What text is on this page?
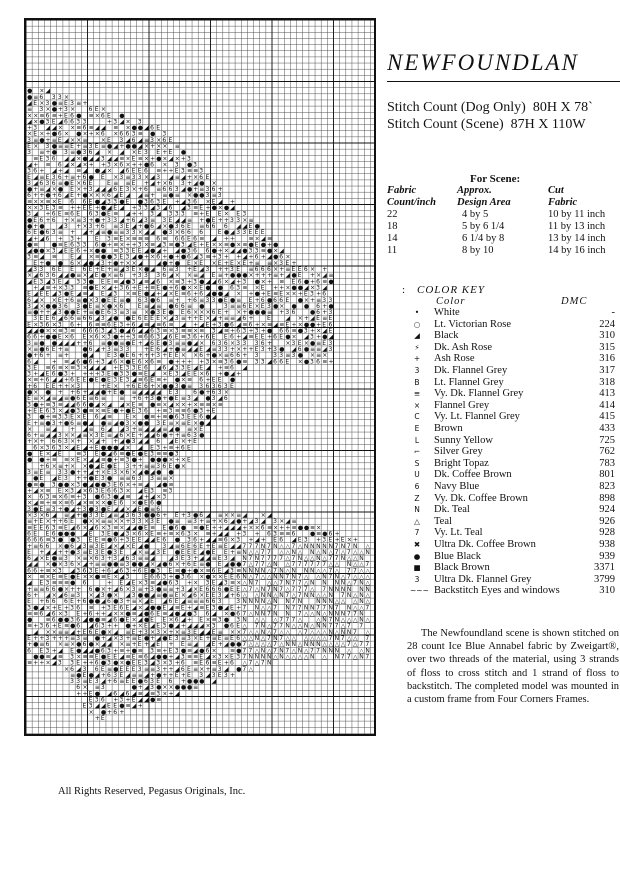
● × ◢
● ≡ 6 3 3 ×
◢ E × 3 ● ≡ E 3 ≡ +
≡ 3 × ● + 3 × 6 E ×
× × ≡ 6 ≡ + E 6 ● ≡ × 6 E ●
◢ × ● 3 E ◢ 6 6 3 3	+ 3 ◢ × 3
+ 3 ◢ ◢ × × ≡ 6 ≡ ◢ ◢ ≡ × ● ● ◢ 6 E
× E × + ● 6 × ● × + × 6 × 6 6 3 ≡ ● 3
3 ≡ ● + ≡ E ◢ × × ≡ × E 3 ◢ 6 ◢ ≡ 3 × 6 E
E × 3 ● ≡ ≡ E + ≡ 3 E ≡ ● ◢ + ● ● ◢ × + × × ≡
3 ≡ + ● 3 ≡ ● 3 6 ◢ × ◢ × E 3 E + E ●
≡ E 3 6 ◢ ◢ × ● ◢ ◢ 3 ◢ ◢ ≡ × E ≡ × + ● × ◢ × + 3
◢ + ≡ 6 ◢ × ◢ × + + 3 × 6 × + + ● 6 × 3 ● 3
3 6 + ◢ + ◢ ≡ ◢ ● ◢ × ◢ 6 E E 6 ≡ + + E 3 ≡ ≡ 3
E ◢ ≡ E 3 6 + ≡ + 6 ● E × 3 ≡ 3 3 × ◢ 3 ◢ ≡ ◢ + × 6 E
3 ◢ 6 3 6 ≡ ● E × 6 E E ≡ ≡ E + ◢ + × 6 3 + ◢ ● ×
● + ≡ ◢ × ● E × + 3 ◢ ◢ ◢ 6 E 3 × + 6 ≡ 6 6 3 ◢ ● + ≡ 3 6 +
6 + + ● + 6 ◢ E + ● × × × 6 ◢ E ◢ ◢ ≡ + ≡ ● ≡ × ● ● 3 ≡ 3
≡ × × ≡ × E 6 6 E ● ◢ 3 3 ● E ● 3 6 3 E + ◢ 3 6 × E ◢ +
× × 3 E 3 ≡ + + E E + ● ◢ E ◢ + 3 3 ◢ 3 ◢ 6 ◢ 3 ≡ E + ● × ● ◢
3 ◢ + 6 E ≡ 6 E 6 3 ● E ≡ ◢ + + 3 ◢ 3 3 3 ≡ + E E × E 3
● E 6 + 6 + × ≡ 3 + ● + 3 3 ◢ + 6 ◢ 3 ≡ 3 E ◢ ◢ ≡ + ● E + + 3 3 × ≡
● + ● ◢ 3 + × 3 + 6 ≡ 3 E ◢ + ● 6 ◢ × ● 3 6 E ≡ 6 6 6 ◢ ◢ E ●
6 E ● 6 3 ≡ + ◢ + ◢ ≡ ● ≡ ≡ 3 3 × ◢ ◢ ● 3 × 6 6 6 E ● ◢ 3 3 E E E
◢ + ◢ 6 + 3 + E 3 ≡ E × ≡ ≡ ≡ 6 ≡ 6 6 E 6 ≡ ◢ + + ≡ × ◢ ≡
● ≡ ● ≡ E 6 3 3 6 ● + ≡ × + + 3 × ≡ ◢ 3 ≡ ● 3 ◢ E + E × × ≡ ● × ≡ ● E ● + ●
◢ ● ● × 3 ◢ E E 6 + × ● ● ≡ 3 3 E E ◢ ● ◢ + ◢ ● 3 6 6 ● + × ◢ ◢ ● 3 3 ≡ ● × ◢
3 ≡ ◢ ≡ E ◢ × ≡ ● ● 3 E 3 ◢ ● + × 6 + ● + ● 6 ◢ 3 ≡ + 3 + + ◢ + 6 + ◢ ● 6 ×
E + ● ● 6 × ◢ ● ◢ 3 + ● + × × ◢ ◢ ● + ● E × E × E + E × E + ≡ ≡ × 3 E +
◢ 3 3 6 E E 6 E + E + ≡ ◢ 3 E × ● ◢ 6 ≡ 3 + E ◢ 3 + + 3 E ≡ 6 6 6 × + ≡ E E 6 × +
× ◢ 6 3 6 ◢ ◢ ● ≡ × ◢ E ● × ≡ 6 + 3 3 3 6 ◢ × × ≡ ◢ E ≡ + ● ● ● × + + + ≡ + ◢ ● E + × ◢ ≡
◢ E 3 ◢ 3 E ◢ 3 3 ● E E ≡ ◢ ● 3 ◢ ≡ ◢ 6 × ≡ 3 + 3 ● ◢ ◢ 6 × ◢ + 3 ● × + ≡ E 6 ● + 6 ≡ ●
+ ◢ ≡ + × 3 3 ≡ ● E × ◢ + 3 6 + E + ≡ E ● + 6 ● × × E ● ● 6 3 ≡ × E + + × ● ● ◢ × 3 ◢
E ◢ E E ◢ 3 ● E ◢ ≡ ◢ E ◢ 3 × ≡ E ● ◢ + ◢ × E ≡ 6 + 6 ◢ ● ● ◢ × + ● + E ≡ E × × + E 3 + 6
6 ◢ × × E + 6 ≡ ● × 3 ● E E ≡ ● 6 3 ● 6 ≡ + + 6 ≡ 3 3 ● E ● ≡ E + 6 ● 6 6 E ● × + ≡ 3 3
3 ◢ × ● ● 3 6 3 ● E ≡ × ● × 6 E ≡ ◢ ≡ ● 6 6 ≡ ●	3 ≡ ≡ 6 E × E 3 ● × ● ● 6 + ●
≡ ● + + ◢ 3 ● ● E + ≡ ● E 6 3 ≡ 3 ≡ × ● 3 E ● E 6 × × × 6 E + × + ● ● ● ≡ + 3 6 ● 6 + 3
3 E E 6 ◢ 6 6 ≡ 6 6 ◢ 3 ◢ ● ● E 6 E E E × ◢ 3 ≡ + + E × ◢ + ≡ ≡ ◢ 6 + E ◢ × + ◢ E ≡ E
E × 3 6 × 3 6 + 6 ≡ ≡ 6 E 3 + 6 ◢ ≡ ◢ ≡ 6 ≡ ◢ + ◢ E + 3 ● 6 ◢ ≡ 6 + × ≡ ◢ ≡ E + × ● ● + E 6
◢ ◢ ● × × ≡ 3 ≡ 6 6 6 3 ◢ 3 ● ◢ 6 ◢ ◢ 6 3 ≡ × 3 ≡ ≡ × ≡ 3 ◢ ≡ + 6 3 + 3 + ● 6 6 ≡ ● 3 + × ◢ E
6 6 + ● ● E × 6 E × 6 × 3 ● + + 3 ≡ 6 6 3 ◢ 6 E ≡ 3 6 + 6 E E 6 + ◢ ≡ E E + 6 E ● × ◢ 3 + ● ◢
3 ≡ ● ● ◢ ◢ ◢ + + 6 ≡ ● ● ≡ ● E + ◢ 6 E ● 3 ≡ ≡ ● ◢ × 6 3 6 × 3 3 3 6 + × 3 E × ● ≡ E 3
× ≡ ● 6 E + ≡ ● 6 ◢ + 3 ≡ 3 3 + E 6 ◢ + ● ≡ ◢ ◢ E ◢ ≡ 3 3 + × + + E 3 + 3 ● ◢ 6 ● ≡ ≡ ◢ 3
● + 6 + ≡ + ● ◢ E 3 ● E 6 + + + 3 + E E × × 6 + ● × ≡ 6 6 + 3 3 3 ≡ 3 ● × ≡ ×
6 ◢ + ≡ ◢ 6 ● 6 + 3 ◢ 6 × ● E 6 × 6 ≡ ● + + + + 3 × ≡ 3 6 ● ≡ 3 3 ◢ 6 6 E × ● 3 6 ≡ +
3 E ≡ 6 ≡ × ≡ 3 × ◢ ◢ ◢ + E 3 3 E 6 ◢ 6 ◢ 3 3 E ◢ E ◢ + ≡ 6 ◢
3 + ◢ E 6 ● 3 + + + + 3 E ● 3 3 ● ≡ E ◢ × E 3 ◢ E E × 6 + ● ◢ +
× ≡ + 6 ◢ ◢ + 6 E E ● E ● E 3 E 3 ◢ ≡ 6 E ≡ + ● × ≡ 6 + E E ●
+ 6 E E + + × 3	+ E × + 6 E 6 + × ● ● 3 ● ≡ 3 6 3 6 3 E
● × ● + + 6 + ◢ ◢ ● + E ● ≡ ◢ ◢ ◢ ◢ E 3 6 ● + 6 3 ×
E ≡ × ◢ ≡ ◢ ≡ ● 6 E ≡ 6 ≡ ≡ + 6 + 3 ● + ● E ≡ 3 ◢ ● 3 ◢ 6
3 ● + ≡ 3 ≡ ◢ ◢ 6 6 ● ◢ × ◢ ◢ × E ≡ ● ≡ × ◢ × × + × ≡ ≡ × ≡
+ E E 6 3 × ◢ ● 3 ● ≡ × ≡ E ● + ● E 3 6 + ≡ 3 ≡ ≡ 6 ● 3 + E
3 ● + ≡ 3 3 E × E 6 ◢ ≡ E × ● ≡ + ≡ ● 6 3 E E 6 ● ◢
E + ≡ ● 3 + ● 6 ≡ ● ◢ ● ≡ ◢ ● 3 × ● ● 3 E ≡ × ≡ E × ● ◢
× ≡ ◢ + ◢ ≡ 6 ◢ ◢ 3 + ≡ ◢ ◢ ◢ ≡ ◢ ● ≡ × E
6 + ≡ ◢ ◢ 3 × × ◢ ≡ × 3 E ≡ ◢ 6 × E + ◢ ◢ 6 ● + + ≡ 6 3 ●
+ × + 6 6 3 × + × ◢ + + ◢ ● 3 ◢ ◢ 6 ◢ E × + E
6 × 3 6 3 × ◢ E ◢ + E ● ● ● ◢ × ◢ E 3 + ≡ + 6 E
● E × ◢ E ≡ 3 E ● ◢ 6 ≡ ● E ● E 3 ≡ ≡ ● 3
● ● + ≡ ≡ × E × ◢ ◢ ≡ ● + ≡ 3 ● + ● ● ● × + × E
+ 6 × ≡ + × × ● ◢ E ● E 3 + + ≡ ≡ 3 6 E ● ×
3 ≡ E ≡ 3 3 ● + + ◢ + × E 3 × 6 × ◢ ● ◢ ● ●
● E ◢ E 3 + + ● E 3 ● ≡ ≡ 6 3 3 ≡ ≡ ×
● ≡ ● 3 ● ● × 3 ● ◢ ● ● 3 E 6 × + ≡ ◢ ◢ ● ≡
+ ◢ × ≡ E × 3 ◢ × 6 3 E 6 6 3 × ◢ E 3 ≡ 3
× 6 3 ≡ × 6 ≡ + 3 ● 6 3 ● ◢ ≡ ◢ + ◢ × 3
× ◢ ≡ + ≡ × ≡ 6 ◢ × ≡ × × ● E 6 × ● E 6 ●
3 ● E ≡ 3 + ● ◢ + 3 ● 3 ● E ◢ ◢ × ◢ E ● ≡ 6
× 3 × 6 ◢ ≡ ◢ + ● 3 3 E ◢ ≡ ◢ 3 6 3 ● ● 6 + E + 3 ● 6 ◢ ≡ × × ≡ ◢ × ◢
≡ + E × + + 6 E ● × × ≡ ≡ × × + 3 3 × 3 E ● ≡ ≡ 3 + ≡ + × 6 ◢ ● + ◢ 3 ◢ 3 × ◢ ≡
≡ E E 6 3 ≡ E ◢ 6 × ◢ 6 × 3 ≡ × ◢ ◢ ● E ≡ E ● 6 ● ≡ ● E + + ◢ ◢ ◢ + × × 6 ≡ × + + ≡ ● ● ≡ ×
6 E E 6 ● ● ● ◢ E 3 E ● ◢ 3 × 6 × E ≡ + ≡ × 6 3 × ≡ + ◢ ◢ + 3 + 6 3 ≡ ≡ 6 ● ≡ ● 6 +
6 6 6 ≡ 3 ● ● 3 E E ≡ ● 6 + 3 E E ◢ ◢ E 6 ● 3 6 + ◢ ◢ ≡ 6 × 3 + ◢ + E 6 ◢ E 3 + 3 E + E × +
+ ≡ 6 6 × ● 6 ◢ 3 ≡ 3 E ◢ × ◢ × E ◢ ● 3 ◢ ≡ 6 E 6 E + E ≡ E ◢ ◢ 7 7 7 N 7 N △ △ 7 △ N N N N N 7 N 7 N △
E + ◢ ◢ + + ● 3 ≡ E 3 E ● 3 E ◢ × ≡ ◢ 3 E ● E E E ◢ ● E E + ≡ N △ △ 7 7 △ △ N △ N △ N △ 7 △ 7 △ △ N
6 ◢ × E ● ≡ 3 × ≡ × 6 3 + 3 ◢ 6 3 ≡ ≡ ◢ ◢ 3 E 3 + ◢ ◢ ≡ E 3 ◢ N 7 N 7 7 7 7 △ 7 N △ △ N △ 7 7 N △ △ N
◢ ◢ × ● × 3 6 × ◢ + ≡ ≡ ● ● ≡ 3 ● ● ◢ × ◢ ● 6 × + 6 E ≡ ● E ◢ ● ● 7 △ 7 7 △ N △ 7 7 7 7 7 7 △ △ N △ △ 7
6 6 + ≡ × 3 ◢ 3 6 3 E + 6 ◢ 6 3 + 6 E ● 3 E ≡ ● + ● × ≡ 6 E ◢ 3 ≡ N N N N △ 7 N △ N N N △ △ 7 △ 7 7 △ △
× ≡ × E ≡ E ● E × × ● ≡ E × ◢ 3 E 6 6 3 + ● 3 6 × ● × × E E 6 N △ 7 △ △ N N 7 N 7 △ △ N 7 N △ 7 △ △ △
◢ E 3 ≡ ≡ ≡ ● 6	+ E ◢ E × 3 ≡ ◢ ● 6 3 + × 3 E ◢ 3 ≡ × △ N 7 △ △ 7 N 7 7 △ N N N N △ 7 N △
+ ≡ ≡ 6 6 ● × + + 6 ● × + ◢ 6 × 3 ≡ + 3 ● ≡ ≡ + 3 ◢ × E 6 6 6 ● E E △ 7 △ N 7 N 7 △ 7 7 7 △ 7 N N N N N N
6 + ◢ × ◢ 6 ≡ 3 × ◢ 3 ● × ◢ 3 ● ● ◢ ≡ ● ≡ E × ◢ 6 × E E 3 ◢ + 6 △ △ N N △ N 7 △ 7 N N △ △ N 7 N △ N △
E + 6 6 6 E + 6 ● ● ◢ 6 ● 3 + ≡ × ◢ E ◢ 6 E ◢ ≡ ≡ ≡ 6 6 3 3 N N N N △ N N 7 N N N N △ △ △ N △
3 ● ◢ × + E + 3 6 ≡ + 3 E 6 E ◢ × ◢ ● ● E ◢ ≡ E + ◢ ≡ E 3 ● ◢ E + 7 N △ △ 7 N 7 7 N N 7 7 N 7 N △ △ 7
≡ ≡ 6 ◢ 6 × 3 E + 6 + + ◢ × × ● ≡ ◢ ● 6 E ≡ ◢ ● ◢ ● 3 6 ◢ × ● 6 7 △ N N 7 N N 7 △ △ N △ N N N 7 7 N
● ≡ 6 ● ● 3 6 ◢ ● ● ≡ ◢ 6 ● E × ◢ ● E E × 6 ◢ + E × ≡ 3 ● 3 N △ △ △ 7 7 7 △ △ N 7 N △ △ △ N △
≡ + 3 6 + E ≡ ● 6 ◢ 6 3 + + ● + × E ◢ E 3 ● ◢ + ◢ ◢ ◢ × 3 ● 6 E △ 7 N △ 7 7 N △ △ N △ N N 7 7 △ 7 7
◢ × × ≡ ≡ ◢ + E 6 E ● × ◢ ≡ E + 3 × 3 × + × ≡ 3 E ◢ ◢ E ≡ × × 7 △ △ N △ 7 △ △ △ 7 △ △ △ N △ N N 7 △
E + + 3 + + + ≡ 3 ≡ ● + ◢ × 3 + ≡ E ● + ◢ ● E 3 ≡ 3 × E + ≡ E ≡ E 6 △ △ N △ 7 N 7 △ △ △ △ △ △ 7 N 7 △ △ 7
+ ● ≡ 6 × ≡ × ● 6 ● × ◢ ◢ × ≡ + E + ◢ E + E ≡ ◢ ◢ E + ◢ ● ● 7 △ △ △ △ 7 △ N N △ N N N △ △ △ △ 7 △ 7 7
6 E 3 + ◢ E ● ◢ ◢ ● 6 3 + ≡ + ● ≡ 3 ≡ + E 3 ● ≡ ◢ ● 6 × ≡ ● 7 7 △ N △ 7 N 7 △ N △ 7 7 N N N △ △ N
● ● ≡ ◢ ≡ 3 × ≡ ≡ E ● E E ◢ ≡ E ≡ 6 ◢ ● ● + ◢ 3 ≡ ≡ E ◢ × 3 × E 3 7 N N N N △ N △ △ △ △ N △ N 7 7 △ N 7
≡ + + × ◢ 3 3 E + + 6 ● 3 ● × ● E E 3 ◢ 3 × 3 + 6 ≡ E 6 ≡ E + 6 △ 7 △ 7 N
× 6 ◢ 3 6 E ≡ ● E E E 3 ≡ ≡ 3 + + ◢ 6 E ≡ × + ≡ 3 ◢ ● 7 △
≡ ● E ● ◢ + 6 3 E ◢ ≡ ≡ ◢ + ● + + E + E 3 ◢ 3 E 3 +
3 3 ≡ E 3 ◢ + 6 ≡ E E ● 6 3 E 6 + ● ● ● ◢
6 × ≡ 3	● + ◢ 3 ● × × ● ● ● ≡
+ + E ● ◢ 6 ◢ 6 ◢ ≡ ◢ ≡ 3 × + ◢
E 3 6 + 3 + E ◢ ◢ ● ≡
E 3 ◢ ◢ E E ● ≡ ◢ +
× ● + 6 +
+ E
NEWFOUNDLAN
Stitch Count (Dog Only) 80H X 78`
Stitch Count (Scene) 87H X 110W
For Scene:
Fabric
Count/inch
Approx.
Design Area
Cut
Fabric
22	4 by 5	10 by 11 inch
18	5 by 6 1/4	11 by 13 inch
14	6 1/4 by 8	13 by 14 inch
11	8 by 10	14 by 16 inch
: COLOR KEY
Color	DMC
•	White	-
○	Lt. Victorian Rose	224
◢	Black	310
⚡	Dk. Ash Rose	315
+	Ash Rose	316
3	Dk. Flannel Grey	317
B	Lt. Flannel Grey	318
≡	Vy. Dk. Flannel Grey	413
×	Flannel Grey	414
C	Vy. Lt. Flannel Grey	415
E	Brown	433
L	Sunny Yellow	725
⌐	Silver Grey	762
S	Bright Topaz	783
U	Dk. Coffee Brown	801
6	Navy Blue	823
Z	Vy. Dk. Coffee Brown	898
N	Dk. Teal	924
△	Teal	926
7	Vy. Lt. Teal	928
✖	Ultra Dk. Coffee Brown	938
●	Blue Black	939
■	Black Brown	3371
3	Ultra Dk. Flannel Grey	3799
~~~ Backstitch Eyes and windows	310
The Newfoundland scene is shown stitched on 28 count Ice Blue Annabel fabric by Zweigart®, over two threads of the material, using 3 strands of floss to cross stitch and 1 strand of floss to backstitch. The completed model was mounted in a custom frame from Four Corners Frames.
All Rights Reserved, Pegasus Originals, Inc.
